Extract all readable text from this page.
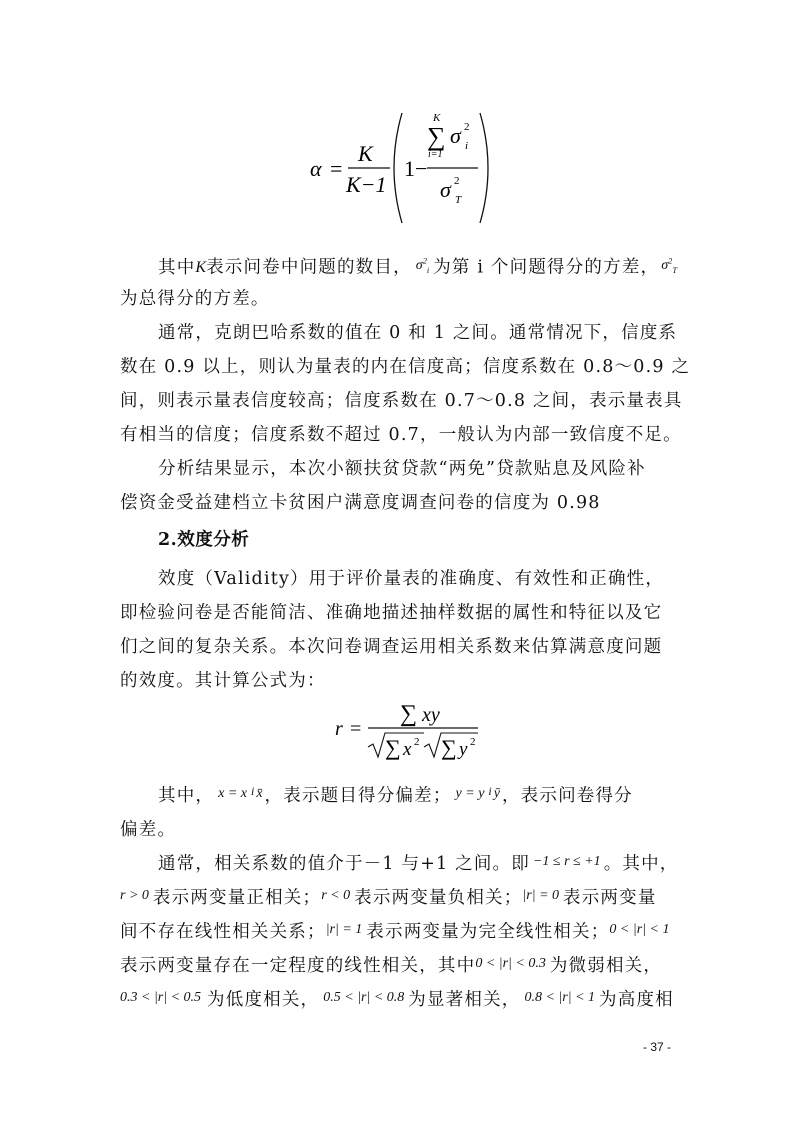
α =
K
K−1
1−
K
∑
i=1
σ 2
i
σ 2
T
其中K表示问卷中问题的数目， $^{\sigma^2_i}$ 为第 i 个问题得分的方差， $^{\sigma^2_T}$
为总得分的方差。
通常，克朗巴哈系数的值在 0 和 1 之间。通常情况下，信度系
数在 0.9 以上，则认为量表的内在信度高；信度系数在 0.8～0.9 之
间，则表示量表信度较高；信度系数在 0.7～0.8 之间，表示量表具
有相当的信度；信度系数不超过 0.7，一般认为内部一致信度不足。
分析结果显示，本次小额扶贫贷款“两免”贷款贴息及风险补
偿资金受益建档立卡贫困户满意度调查问卷的信度为 0.98
2.效度分析
效度（Validity）用于评价量表的准确度、有效性和正确性，
即检验问卷是否能简洁、准确地描述抽样数据的属性和特征以及它
们之间的复杂关系。本次问卷调查运用相关系数来估算满意度问题
的效度。其计算公式为：
r =
∑ xy
∑ x 2 ∑ y 2
其中， $^{x = x}$ $^i$ $^{x̄}$ ，表示题目得分偏差； $^{y = y}$ $^i$ $^ȳ$ ，表示问卷得分
偏差。
通常，相关系数的值介于－1 与+1 之间。即 $^{-1 \le r \le +1}$ 。其中，
$^{r > 0}$ 表示两变量正相关；$^{r < 0}$ 表示两变量负相关；$^{|r| = 0}$ 表示两变量
间不存在线性相关关系；$^{|r| = 1}$ 表示两变量为完全线性相关；$^{0 < |r| < 1}$
表示两变量存在一定程度的线性相关，其中$^{0 < |r| < 0.3}$ 为微弱相关，
$^{0.3 < |r| < 0.5}$ 为低度相关， $^{0.5 < |r| < 0.8}$ 为显著相关， $^{0.8 < |r| < 1}$ 为高度相
- 37 -
